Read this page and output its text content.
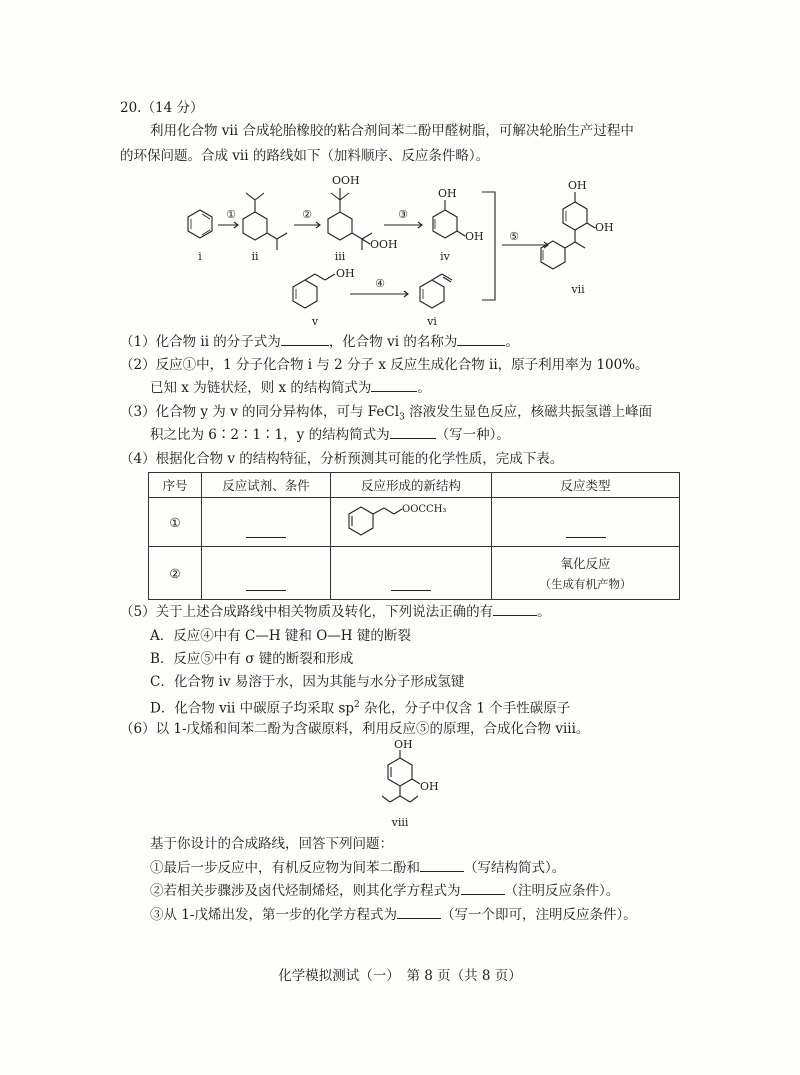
20.（14 分）
利用化合物 vii 合成轮胎橡胶的粘合剂间苯二酚甲醛树脂，可解决轮胎生产过程中
的环保问题。合成 vii 的路线如下（加料顺序、反应条件略）。
①	②	③
④
⑤
OOH
OOH
OH
OH
OH
OH
OH
i	ii	iii	iv
v	vi
vii
（1）化合物 ii 的分子式为	，化合物 vi 的名称为	。
（2）反应①中，1 分子化合物 i 与 2 分子 x 反应生成化合物 ii，原子利用率为 100%。
已知 x 为链状烃，则 x 的结构简式为	。
（3）化合物 y 为 v 的同分异构体，可与 FeCl$_3$ 溶液发生显色反应，核磁共振氢谱上峰面
积之比为 6∶2∶1∶1，y 的结构简式为	（写一种）。
（4）根据化合物 v 的结构特征，分析预测其可能的化学性质，完成下表。
序号	反应试剂、条件	反应形成的新结构	反应类型
①		OOCCH₃	

②			氧化反应
（生成有机产物）
（5）关于上述合成路线中相关物质及转化，下列说法正确的有	。
A．反应④中有 C—H 键和 O—H 键的断裂
B．反应⑤中有 σ 键的断裂和形成
C．化合物 iv 易溶于水，因为其能与水分子形成氢键
D．化合物 vii 中碳原子均采取 $sp^2$ 杂化，分子中仅含 1 个手性碳原子
（6）以 1-戊烯和间苯二酚为含碳原料，利用反应⑤的原理，合成化合物 viii。
OH
OH
viii
基于你设计的合成路线，回答下列问题：
①最后一步反应中，有机反应物为间苯二酚和	（写结构简式）。
②若相关步骤涉及卤代烃制烯烃，则其化学方程式为	（注明反应条件）。
③从 1-戊烯出发，第一步的化学方程式为	（写一个即可，注明反应条件）。
化学模拟测试（一）　第 8 页（共 8 页）
